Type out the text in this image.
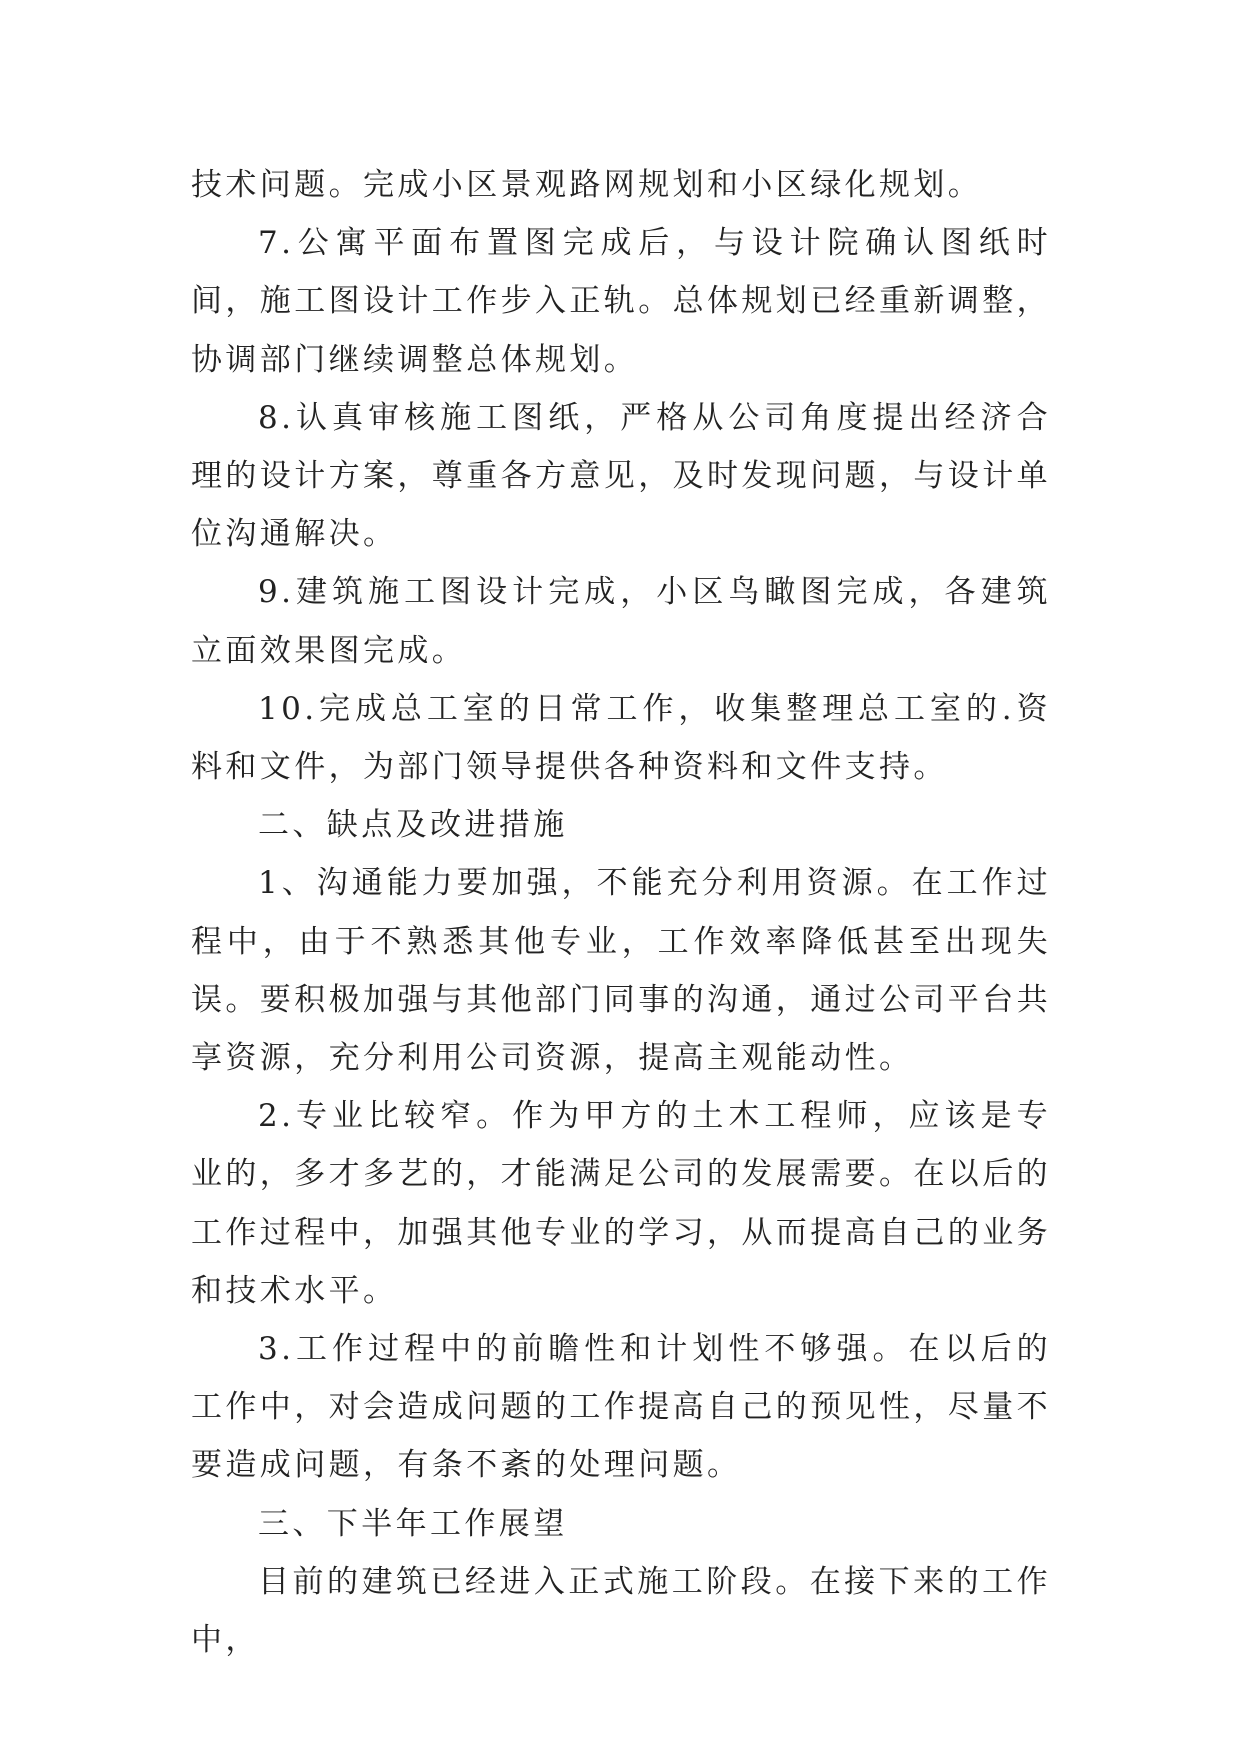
技术问题。完成小区景观路网规划和小区绿化规划。

7.公寓平面布置图完成后，与设计院确认图纸时间，施工图设计工作步入正轨。总体规划已经重新调整，协调部门继续调整总体规划。

8.认真审核施工图纸，严格从公司角度提出经济合理的设计方案，尊重各方意见，及时发现问题，与设计单位沟通解决。

9.建筑施工图设计完成，小区鸟瞰图完成，各建筑立面效果图完成。

10.完成总工室的日常工作，收集整理总工室的.资料和文件，为部门领导提供各种资料和文件支持。

二、缺点及改进措施

1、沟通能力要加强，不能充分利用资源。在工作过程中，由于不熟悉其他专业，工作效率降低甚至出现失误。要积极加强与其他部门同事的沟通，通过公司平台共享资源，充分利用公司资源，提高主观能动性。

2.专业比较窄。作为甲方的土木工程师，应该是专业的，多才多艺的，才能满足公司的发展需要。在以后的工作过程中，加强其他专业的学习，从而提高自己的业务和技术水平。

3.工作过程中的前瞻性和计划性不够强。在以后的工作中，对会造成问题的工作提高自己的预见性，尽量不要造成问题，有条不紊的处理问题。

三、下半年工作展望

目前的建筑已经进入正式施工阶段。在接下来的工作中，
